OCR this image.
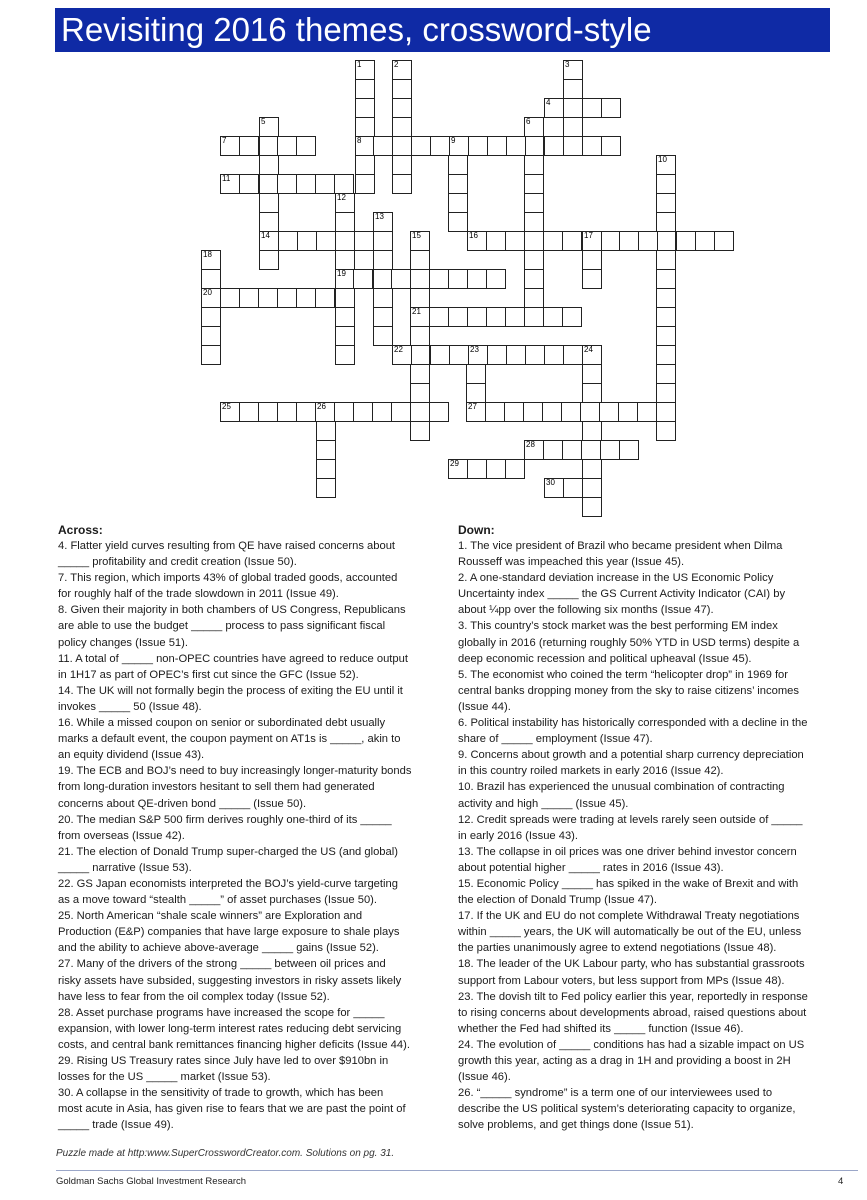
Revisiting 2016 themes, crossword-style
1
8
2	3
4
5
14
6
7	9
10
11
12
19
13
15
21
16	17
18
20
22	23	24
27
25	26
28
29
30
Across:
4. Flatter yield curves resulting from QE have raised concerns about
_____ profitability and credit creation (Issue 50).
7. This region, which imports 43% of global traded goods, accounted
for roughly half of the trade slowdown in 2011 (Issue 49).
8. Given their majority in both chambers of US Congress, Republicans
are able to use the budget _____ process to pass significant fiscal
policy changes (Issue 51).
11. A total of _____ non-OPEC countries have agreed to reduce output
in 1H17 as part of OPEC’s first cut since the GFC (Issue 52).
14. The UK will not formally begin the process of exiting the EU until it
invokes _____ 50 (Issue 48).
16. While a missed coupon on senior or subordinated debt usually
marks a default event, the coupon payment on AT1s is _____, akin to
an equity dividend (Issue 43).
19. The ECB and BOJ’s need to buy increasingly longer-maturity bonds
from long-duration investors hesitant to sell them had generated
concerns about QE-driven bond _____ (Issue 50).
20. The median S&P 500 firm derives roughly one-third of its _____
from overseas (Issue 42).
21. The election of Donald Trump super-charged the US (and global)
_____ narrative (Issue 53).
22. GS Japan economists interpreted the BOJ’s yield-curve targeting
as a move toward “stealth _____” of asset purchases (Issue 50).
25. North American “shale scale winners” are Exploration and
Production (E&P) companies that have large exposure to shale plays
and the ability to achieve above-average _____ gains (Issue 52).
27. Many of the drivers of the strong _____ between oil prices and
risky assets have subsided, suggesting investors in risky assets likely
have less to fear from the oil complex today (Issue 52).
28. Asset purchase programs have increased the scope for _____
expansion, with lower long-term interest rates reducing debt servicing
costs, and central bank remittances financing higher deficits (Issue 44).
29. Rising US Treasury rates since July have led to over $910bn in
losses for the US _____ market (Issue 53).
30. A collapse in the sensitivity of trade to growth, which has been
most acute in Asia, has given rise to fears that we are past the point of
_____ trade (Issue 49).
Down:
1. The vice president of Brazil who became president when Dilma
Rousseff was impeached this year (Issue 45).
2. A one-standard deviation increase in the US Economic Policy
Uncertainty index _____ the GS Current Activity Indicator (CAI) by
about ¼pp over the following six months (Issue 47).
3. This country’s stock market was the best performing EM index
globally in 2016 (returning roughly 50% YTD in USD terms) despite a
deep economic recession and political upheaval (Issue 45).
5. The economist who coined the term “helicopter drop” in 1969 for
central banks dropping money from the sky to raise citizens’ incomes
(Issue 44).
6. Political instability has historically corresponded with a decline in the
share of _____ employment (Issue 47).
9. Concerns about growth and a potential sharp currency depreciation
in this country roiled markets in early 2016 (Issue 42).
10. Brazil has experienced the unusual combination of contracting
activity and high _____ (Issue 45).
12. Credit spreads were trading at levels rarely seen outside of _____
in early 2016 (Issue 43).
13. The collapse in oil prices was one driver behind investor concern
about potential higher _____ rates in 2016 (Issue 43).
15. Economic Policy _____ has spiked in the wake of Brexit and with
the election of Donald Trump (Issue 47).
17. If the UK and EU do not complete Withdrawal Treaty negotiations
within _____ years, the UK will automatically be out of the EU, unless
the parties unanimously agree to extend negotiations (Issue 48).
18. The leader of the UK Labour party, who has substantial grassroots
support from Labour voters, but less support from MPs (Issue 48).
23. The dovish tilt to Fed policy earlier this year, reportedly in response
to rising concerns about developments abroad, raised questions about
whether the Fed had shifted its _____ function (Issue 46).
24. The evolution of _____ conditions has had a sizable impact on US
growth this year, acting as a drag in 1H and providing a boost in 2H
(Issue 46).
26. “_____ syndrome” is a term one of our interviewees used to
describe the US political system’s deteriorating capacity to organize,
solve problems, and get things done (Issue 51).
Puzzle made at http:www.SuperCrosswordCreator.com. Solutions on pg. 31.
Goldman Sachs Global Investment Research	4
